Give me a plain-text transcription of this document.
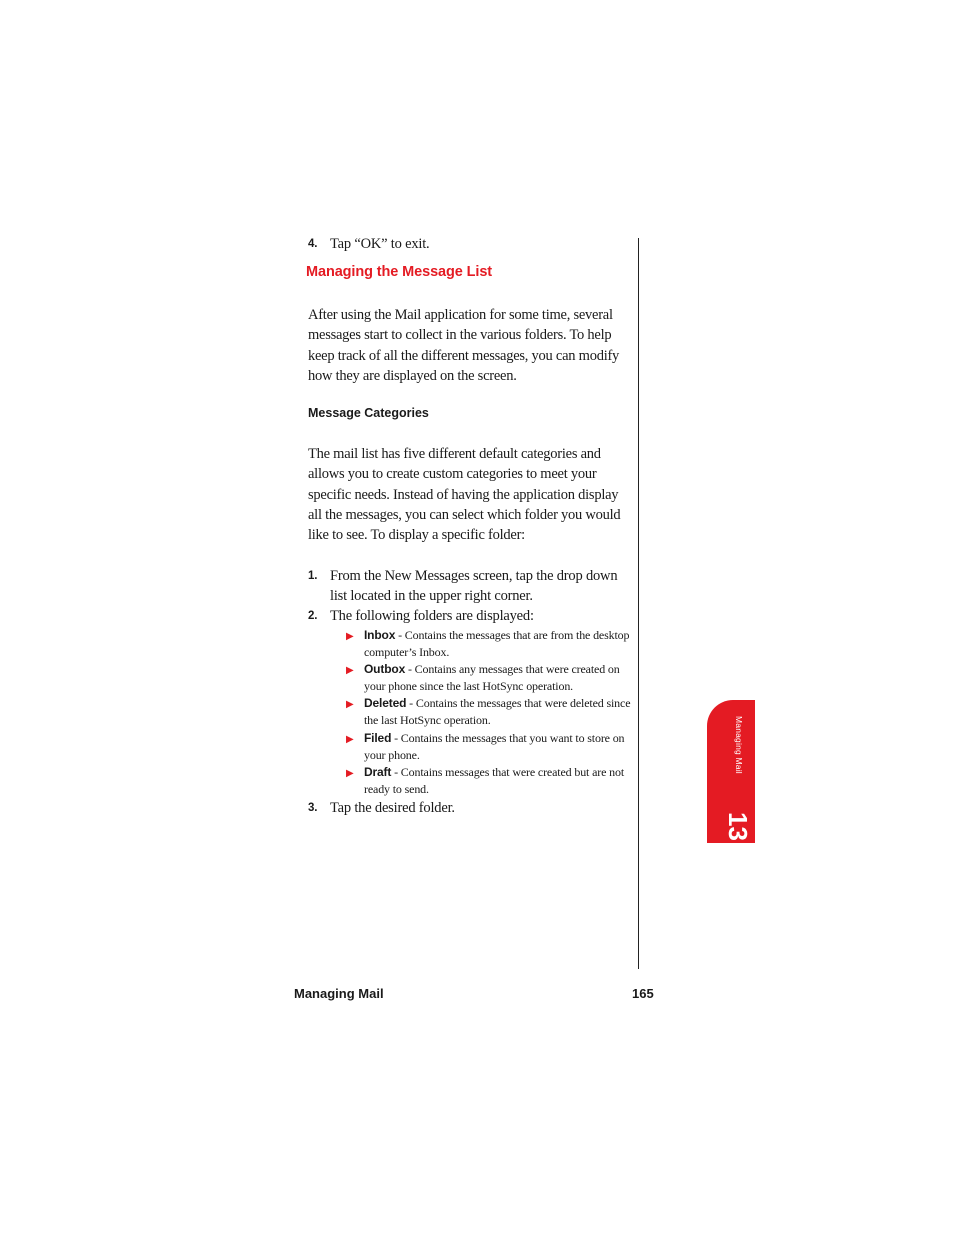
4. Tap “OK” to exit.
Managing the Message List
After using the Mail application for some time, several messages start to collect in the various folders. To help keep track of all the different messages, you can modify how they are displayed on the screen.
Message Categories
The mail list has five different default categories and allows you to create custom categories to meet your specific needs. Instead of having the application display all the messages, you can select which folder you would like to see. To display a specific folder:
1. From the New Messages screen, tap the drop down list located in the upper right corner.
2. The following folders are displayed:
▶ Inbox - Contains the messages that are from the desktop computer’s Inbox.
▶ Outbox - Contains any messages that were created on your phone since the last HotSync operation.
▶ Deleted - Contains the messages that were deleted since the last HotSync operation.
▶ Filed - Contains the messages that you want to store on your phone.
▶ Draft - Contains messages that were created but are not ready to send.
3. Tap the desired folder.
Managing Mail
13
Managing Mail	165
